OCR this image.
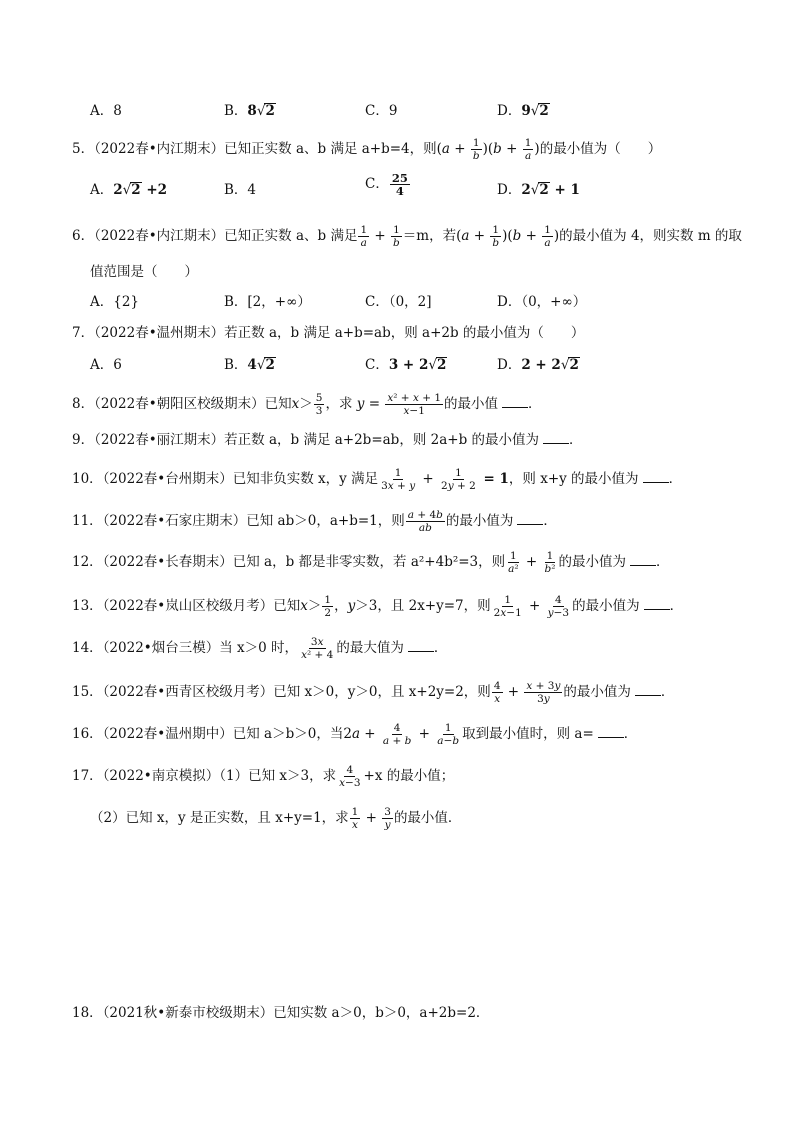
A．8	B．8√2	C．9	D．9√2
5．（2022春•内江期末）已知正实数 a、b 满足 a+b=4，则$(a + \frac{1}{b} )(b + \frac{1}{a}$ )的最小值为（　　）
A．2√2 +2	B．4	C． $\frac{25}{4}$	D．2√2 + 1
6．（2022春•内江期末）已知正实数 a、b 满足 $\frac{1}{a} + \frac{1}{b} =m$，若$(a + \frac{1}{b} )(b + \frac{1}{a}$ )的最小值为 4，则实数 m 的取
值范围是（　　）
A．{2}	B．[2，+∞）	C．（0，2]	D．（0，+∞）
7．（2022春•温州期末）若正数 a，b 满足 a+b=ab，则 a+2b 的最小值为（　　）
A．6	B．4√2	C．3 + 2√2	D．2 + 2√2
8．（2022春•朝阳区校级期末）已知$x> \frac{5}{3}$ ，求 $y = \frac{\text{x² + x + 1}}{x-1}$ 的最小值 ．
9．（2022春•丽江期末）若正数 a，b 满足 a+2b=ab，则 2a+b 的最小值为 ．
10．（2022春•台州期末）已知非负实数 x，y 满足 $\frac{1}{3x + y} + \frac{1}{2y + 2} = 1$，则 x+y 的最小值为 ．
11．（2022春•石家庄期末）已知 ab＞0，a+b=1，则 $\frac{a + 4b}{ab}$ 的最小值为 ．
12．（2022春•长春期末）已知 a，b 都是非零实数，若 a²+4b²=3，则 $\frac{1}{\text{a²}} + \frac{1}{\text{b²}}$ 的最小值为 ．
13．（2022春•岚山区校级月考）已知$x> \frac{1}{2}$ ，y＞3，且 2x+y=7，则 $\frac{1}{2x-1} + \frac{4}{y-3}$ 的最小值为 ．
14．（2022•烟台三模）当 x＞0 时， $\frac{3x}{\text{x² + 4}}$ 的最大值为 ．
15．（2022春•西青区校级月考）已知 x＞0，y＞0，且 x+2y=2，则 $\frac{4}{x} + \frac{x + 3y}{3y}$ 的最小值为 ．
16．（2022春•温州期中）已知 a＞b＞0，当$2a + \frac{4}{a + b} + \frac{1}{a-b}$ 取到最小值时，则 a= ．
17．（2022•南京模拟）（1）已知 x＞3，求 $\frac{4}{x-3} +x$ 的最小值；
（2）已知 x，y 是正实数，且 x+y=1，求 $\frac{1}{x} + \frac{3}{y}$ 的最小值．
18．（2021秋•新泰市校级期末）已知实数 a＞0，b＞0，a+2b=2．
